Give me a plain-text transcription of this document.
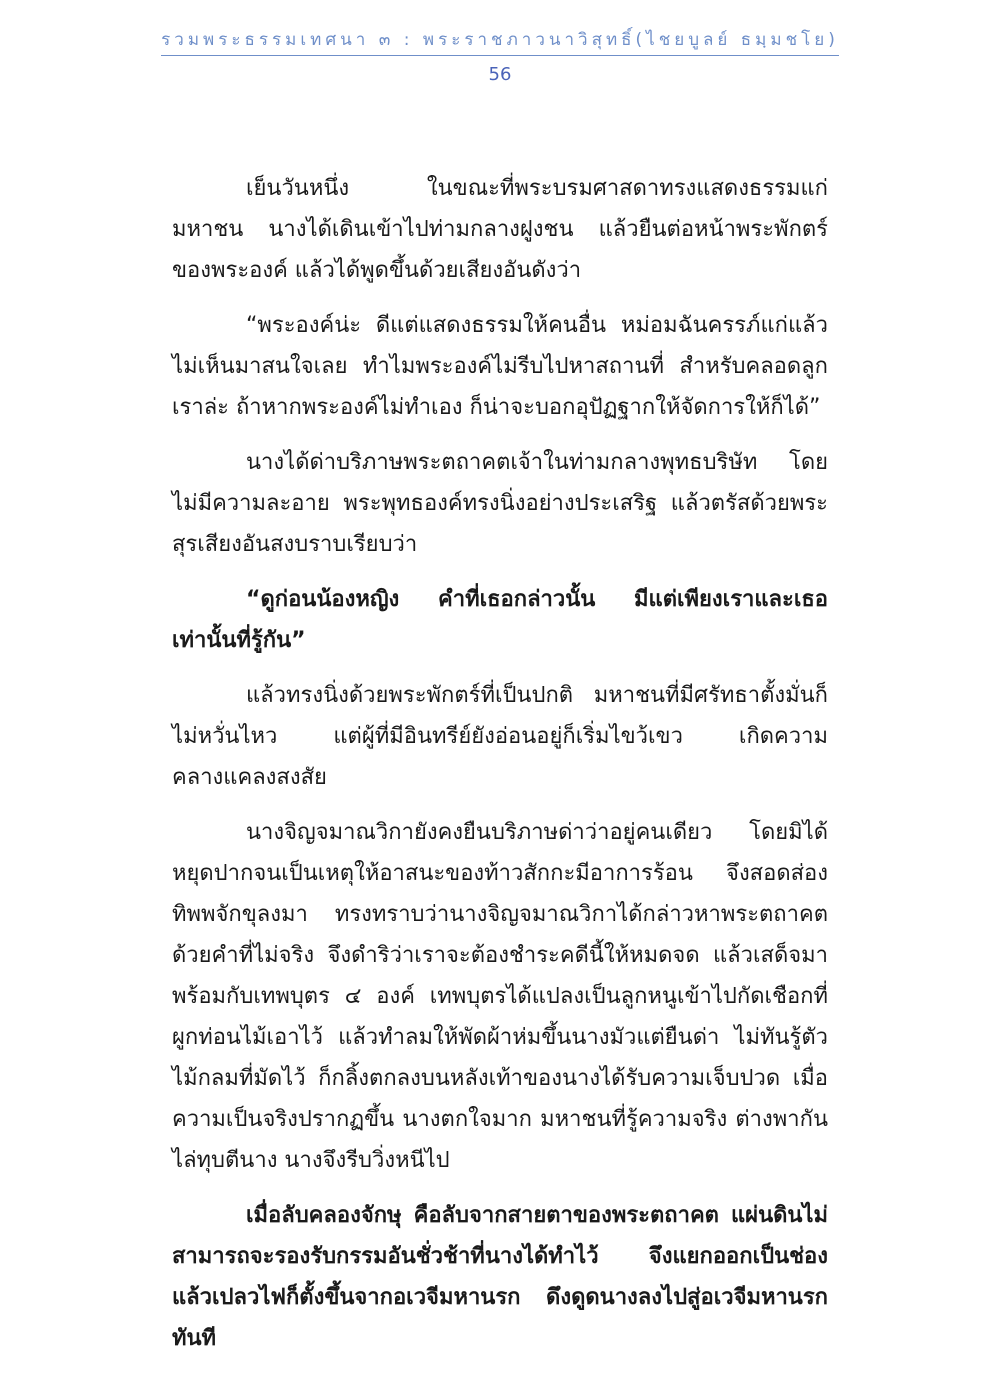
รวมพระธรรมเทศนา ๓ : พระราชภาวนาวิสุทธิ์(ไชยบูลย์ ธมฺมชโย)
56

เย็นวันหนึ่ง ในขณะที่พระบรมศาสดาทรงแสดงธรรมแก่มหาชน นางได้เดินเข้าไปท่ามกลางฝูงชน แล้วยืนต่อหน้าพระพักตร์ของพระองค์ แล้วได้พูดขึ้นด้วยเสียงอันดังว่า

“พระองค์น่ะ ดีแต่แสดงธรรมให้คนอื่น หม่อมฉันครรภ์แก่แล้ว ไม่เห็นมาสนใจเลย ทำไมพระองค์ไม่รีบไปหาสถานที่ สำหรับคลอดลูกเราล่ะ ถ้าหากพระองค์ไม่ทำเอง ก็น่าจะบอกอุปัฏฐากให้จัดการให้ก็ได้”

นางได้ด่าบริภาษพระตถาคตเจ้าในท่ามกลางพุทธบริษัท โดยไม่มีความละอาย พระพุทธองค์ทรงนิ่งอย่างประเสริฐ แล้วตรัสด้วยพระสุรเสียงอันสงบราบเรียบว่า

“ดูก่อนน้องหญิง คำที่เธอกล่าวนั้น มีแต่เพียงเราและเธอเท่านั้นที่รู้กัน”

แล้วทรงนิ่งด้วยพระพักตร์ที่เป็นปกติ มหาชนที่มีศรัทธาตั้งมั่นก็ไม่หวั่นไหว แต่ผู้ที่มีอินทรีย์ยังอ่อนอยู่ก็เริ่มไขว้เขว เกิดความคลางแคลงสงสัย

นางจิญจมาณวิกายังคงยืนบริภาษด่าว่าอยู่คนเดียว โดยมิได้หยุดปากจนเป็นเหตุให้อาสนะของท้าวสักกะมีอาการร้อน จึงสอดส่องทิพพจักขุลงมา ทรงทราบว่านางจิญจมาณวิกาได้กล่าวหาพระตถาคตด้วยคำที่ไม่จริง จึงดำริว่าเราจะต้องชำระคดีนี้ให้หมดจด แล้วเสด็จมาพร้อมกับเทพบุตร ๔ องค์ เทพบุตรได้แปลงเป็นลูกหนูเข้าไปกัดเชือกที่ผูกท่อนไม้เอาไว้ แล้วทำลมให้พัดผ้าห่มขึ้นนางมัวแต่ยืนด่า ไม่ทันรู้ตัว ไม้กลมที่มัดไว้ ก็กลิ้งตกลงบนหลังเท้าของนางได้รับความเจ็บปวด เมื่อความเป็นจริงปรากฏขึ้น นางตกใจมาก มหาชนที่รู้ความจริง ต่างพากันไล่ทุบตีนาง นางจึงรีบวิ่งหนีไป

เมื่อลับคลองจักษุ คือลับจากสายตาของพระตถาคต แผ่นดินไม่สามารถจะรองรับกรรมอันชั่วช้าที่นางได้ทำไว้ จึงแยกออกเป็นช่อง แล้วเปลวไฟก็ตั้งขึ้นจากอเวจีมหานรก ดึงดูดนางลงไปสู่อเวจีมหานรกทันที
